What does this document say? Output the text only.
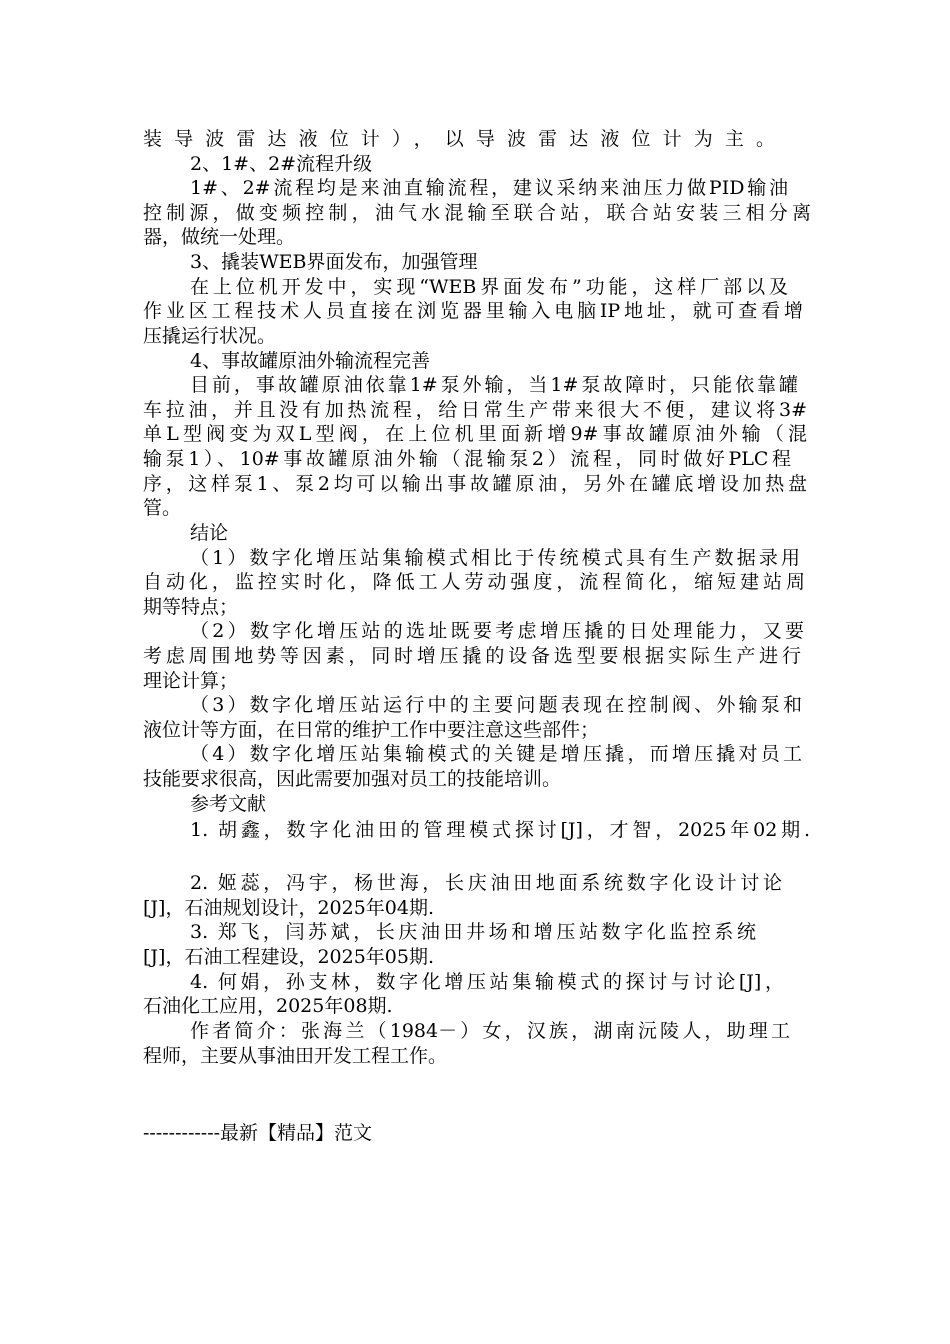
装导波雷达液位计），以导波雷达液位计为主。
2、1#、2#流程升级
1#、2#流程均是来油直输流程，建议采纳来油压力做PID输油
控制源，做变频控制，油气水混输至联合站，联合站安装三相分离
器，做统一处理。
3、撬装WEB界面发布，加强管理
在上位机开发中，实现“WEB界面发布”功能，这样厂部以及
作业区工程技术人员直接在浏览器里输入电脑IP地址，就可查看增
压撬运行状况。
4、事故罐原油外输流程完善
目前，事故罐原油依靠1#泵外输，当1#泵故障时，只能依靠罐
车拉油，并且没有加热流程，给日常生产带来很大不便，建议将3#
单L型阀变为双L型阀，在上位机里面新增9#事故罐原油外输（混
输泵1）、10#事故罐原油外输（混输泵2）流程，同时做好PLC程
序，这样泵1、泵2均可以输出事故罐原油，另外在罐底增设加热盘
管。
结论
（1）数字化增压站集输模式相比于传统模式具有生产数据录用
自动化，监控实时化，降低工人劳动强度，流程简化，缩短建站周
期等特点；
（2）数字化增压站的选址既要考虑增压撬的日处理能力，又要
考虑周围地势等因素，同时增压撬的设备选型要根据实际生产进行
理论计算；
（3）数字化增压站运行中的主要问题表现在控制阀、外输泵和
液位计等方面，在日常的维护工作中要注意这些部件；
（4）数字化增压站集输模式的关键是增压撬，而增压撬对员工
技能要求很高，因此需要加强对员工的技能培训。
参考文献
1. 胡鑫，数字化油田的管理模式探讨[J]，才智，2025年02期.
2. 姬蕊，冯宇，杨世海，长庆油田地面系统数字化设计讨论
[J]，石油规划设计，2025年04期.
3. 郑飞，闫苏斌，长庆油田井场和增压站数字化监控系统
[J]，石油工程建设，2025年05期.
4. 何娟，孙支林，数字化增压站集输模式的探讨与讨论[J]，
石油化工应用，2025年08期.
作者简介：张海兰（1984－）女，汉族，湖南沅陵人，助理工
程师，主要从事油田开发工程工作。
------------最新【精品】范文
